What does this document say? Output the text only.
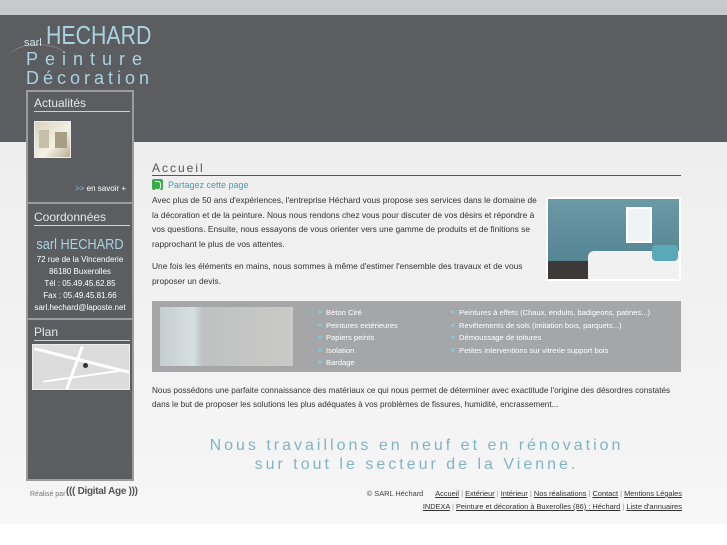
sarl HECHARD
Peinture
Décoration
Actualités
>> en savoir +
Coordonnées
sarl HECHARD
72 rue de la Vincenderie
86180 Buxerolles
Tél : 05.49.45.62.85
Fax : 05.49.45.81.66
sarl.hechard@laposte.net
Plan
Réalisé par ((( Digital Age )))
Accueil
Partagez cette page
Avec plus de 50 ans d'expériences, l'entreprise Héchard vous propose ses services dans le domaine de la décoration et de la peinture. Nous nous rendons chez vous pour discuter de vos désirs et répondre à vos questions. Ensuite, nous essayons de vous orienter vers une gamme de produits et de finitions se rapprochant le plus de vos attentes.
Une fois les éléments en mains, nous sommes à même d'estimer l'ensemble des travaux et de vous proposer un devis.
■ Béton Ciré
■ Peintures extérieures
■ Papiers peints
■ Isolation
■ Bardage
■ Peintures à effets (Chaux, enduits, badigeons, patines...)
■ Revêtements de sols (imitation bois, parquets...)
■ Démoussage de toitures
■ Petites interventions sur vitrerie support bois
Nous possédons une parfaite connaissance des matériaux ce qui nous permet de déterminer avec exactitude l'origine des désordres constatés dans le but de proposer les solutions les plus adéquates à vos problèmes de fissures, humidité, encrassement...
Nous travaillons en neuf et en rénovation
sur tout le secteur de la Vienne.
© SARL Héchard Accueil | Extérieur | Intérieur | Nos réalisations | Contact | Mentions Légales
INDEXA | Peinture et décoration à Buxerolles (86) : Héchard | Liste d'annuaires
